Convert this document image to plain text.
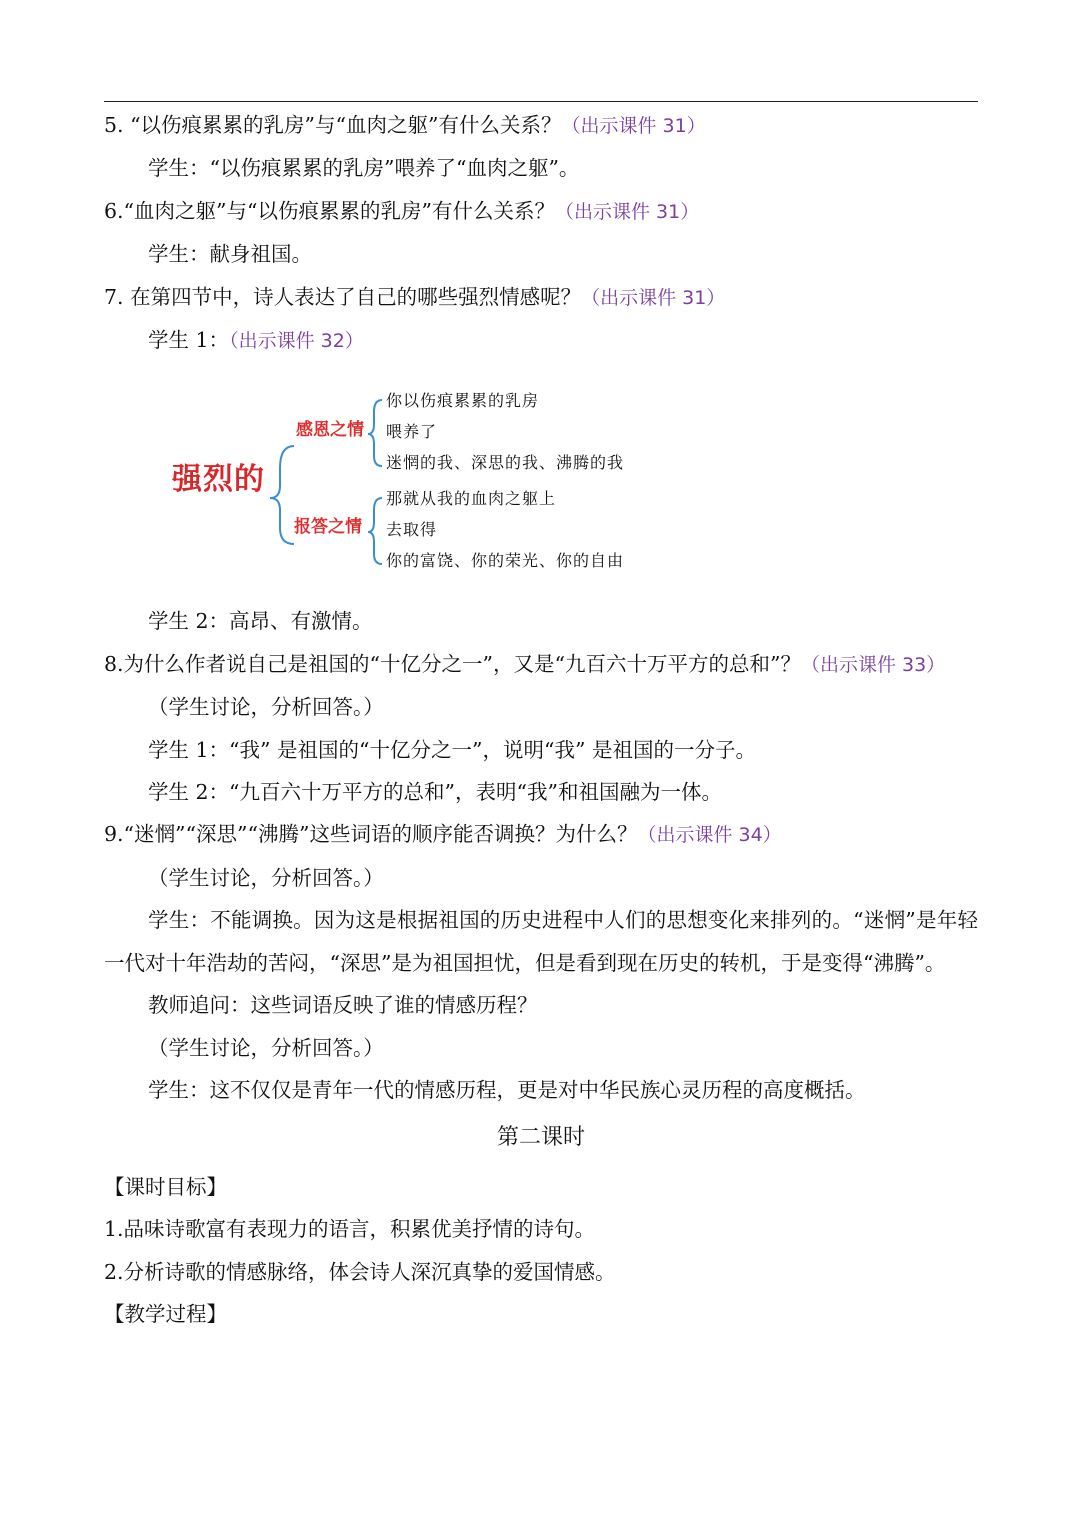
5. “以伤痕累累的乳房”与“血肉之躯”有什么关系？（出示课件 31）
学生：“以伤痕累累的乳房”喂养了“血肉之躯”。
6.“血肉之躯”与“以伤痕累累的乳房”有什么关系？（出示课件 31）
学生：献身祖国。
7. 在第四节中，诗人表达了自己的哪些强烈情感呢？（出示课件 31）
学生 1：（出示课件 32）
强烈的
感恩之情
报答之情
你以伤痕累累的乳房
喂养了
迷惘的我、深思的我、沸腾的我
那就从我的血肉之躯上
去取得
你的富饶、你的荣光、你的自由
学生 2：高昂、有激情。
8.为什么作者说自己是祖国的“十亿分之一”，又是“九百六十万平方的总和”？（出示课件 33）
（学生讨论，分析回答。）
学生 1：“我” 是祖国的“十亿分之一”，说明“我” 是祖国的一分子。
学生 2：“九百六十万平方的总和”，表明“我”和祖国融为一体。
9.“迷惘”“深思”“沸腾”这些词语的顺序能否调换？为什么？（出示课件 34）
（学生讨论，分析回答。）
学生：不能调换。因为这是根据祖国的历史进程中人们的思想变化来排列的。“迷惘”是年轻一代对十年浩劫的苦闷，“深思”是为祖国担忧，但是看到现在历史的转机，于是变得“沸腾”。
教师追问：这些词语反映了谁的情感历程？
（学生讨论，分析回答。）
学生：这不仅仅是青年一代的情感历程，更是对中华民族心灵历程的高度概括。
第二课时
【课时目标】
1.品味诗歌富有表现力的语言，积累优美抒情的诗句。
2.分析诗歌的情感脉络，体会诗人深沉真挚的爱国情感。
【教学过程】
